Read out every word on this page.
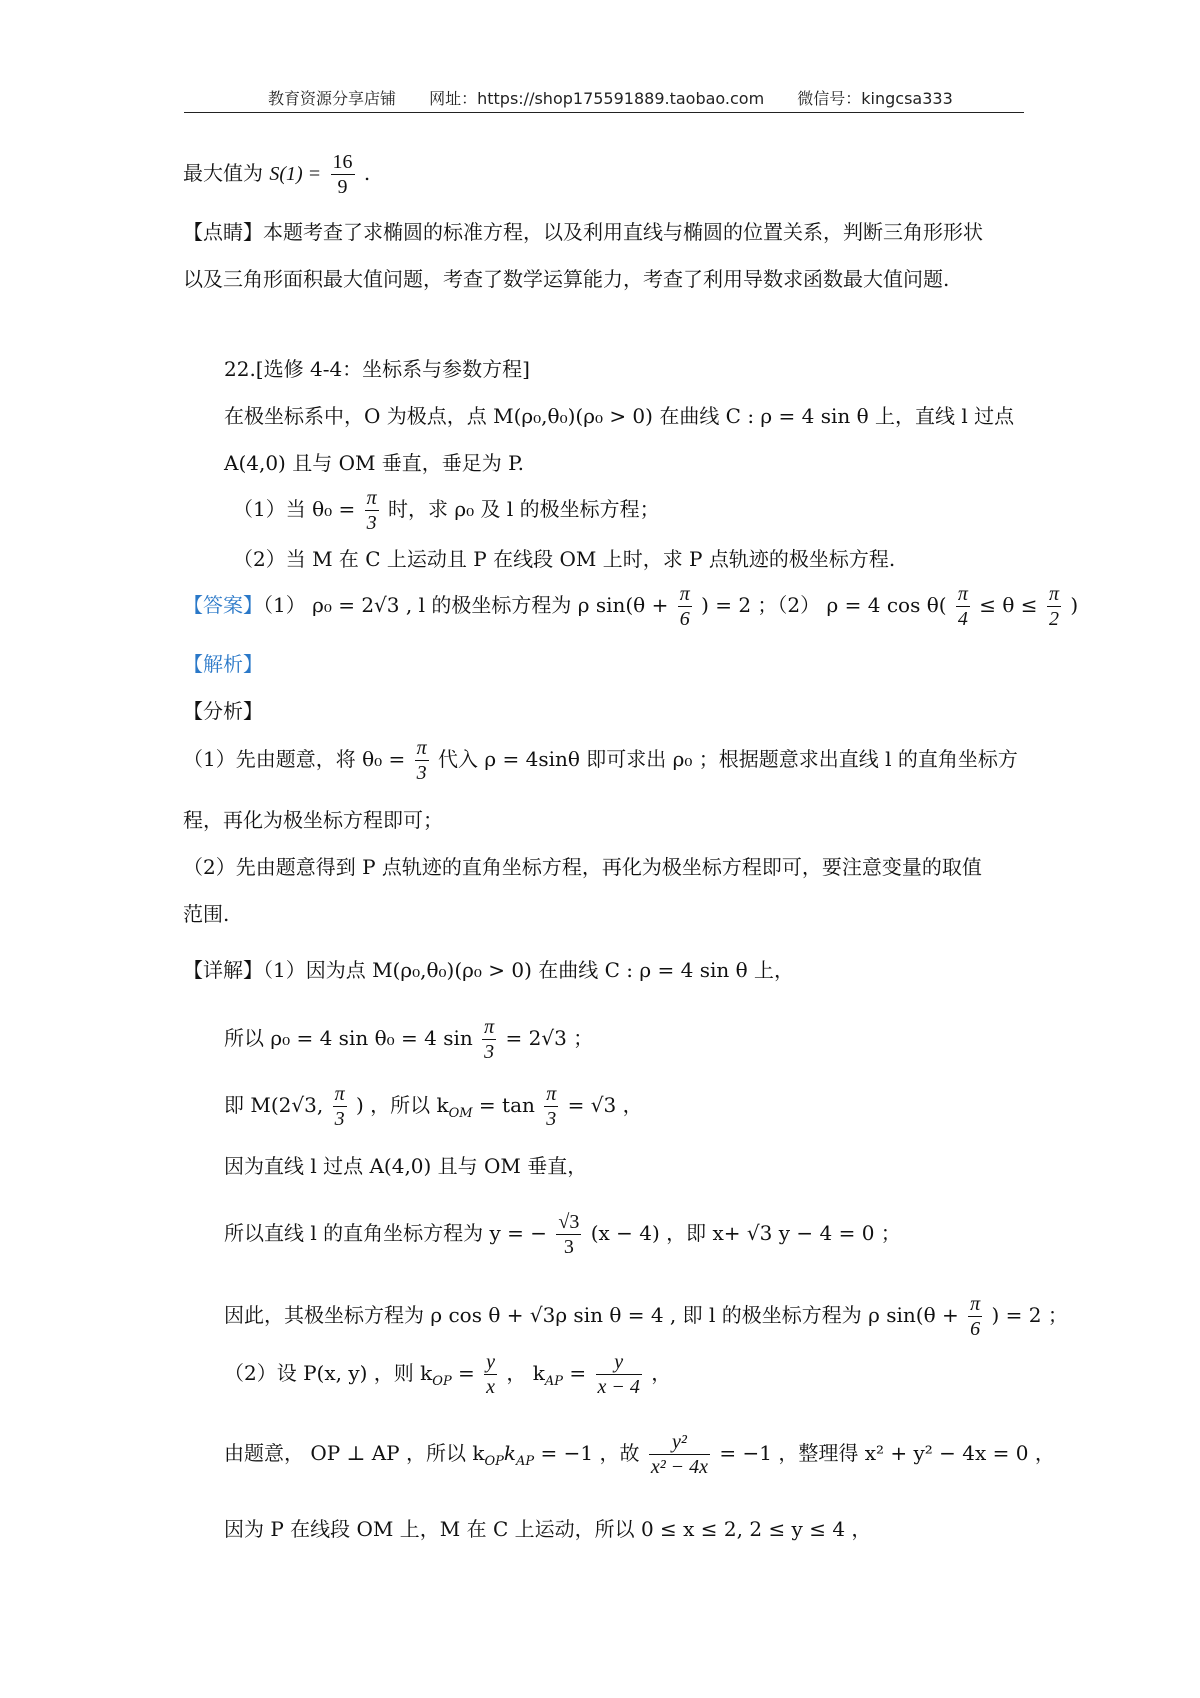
教育资源分享店铺 网址：https://shop175591889.taobao.com 微信号：kingcsa333
最大值为 $S(1) = \frac{16}{9}$ .
【点睛】本题考查了求椭圆的标准方程，以及利用直线与椭圆的位置关系，判断三角形形状
以及三角形面积最大值问题，考查了数学运算能力，考查了利用导数求函数最大值问题.
22.[选修 4-4：坐标系与参数方程]
在极坐标系中，O 为极点，点 M(ρ₀,θ₀)(ρ₀ > 0) 在曲线 C : ρ = 4 sin θ 上，直线 l 过点
A(4,0) 且与 OM 垂直，垂足为 P.
（1）当 $\theta_0 = \frac{\pi}{3}$ 时，求 ρ₀ 及 l 的极坐标方程；
（2）当 M 在 C 上运动且 P 在线段 OM 上时，求 P 点轨迹的极坐标方程.
【答案】（1） ρ₀ = 2√3 , l 的极坐标方程为 ρ $\sin(\theta + \frac{\pi}{6}$ ) = 2 ；（2） ρ = 4 $\cos \theta( \frac{\pi}{4} \le \theta \le \frac{\pi}{2}$ )
【解析】
【分析】
（1）先由题意，将 $\theta_0 = \frac{\pi}{3}$ 代入 ρ = 4sinθ 即可求出 ρ₀ ；根据题意求出直线 l 的直角坐标方
程，再化为极坐标方程即可；
（2）先由题意得到 P 点轨迹的直角坐标方程，再化为极坐标方程即可，要注意变量的取值
范围.
【详解】（1）因为点 M(ρ₀,θ₀)(ρ₀ > 0) 在曲线 C : ρ = 4 sin θ 上，
所以 ρ₀ = 4 sin θ₀ = 4 $\sin \frac{\pi}{3} = 2√3$ ；
即 M(2√3, $\frac{\pi}{3}$ ) ，所以 $k_{OM} = \tan \frac{\pi}{3} = √3$ ，
因为直线 l 过点 A(4,0) 且与 OM 垂直，
所以直线 l 的直角坐标方程为 y = − $\frac{√3}{3} (x - 4)$ ，即 x+ √3 y − 4 = 0 ；
因此，其极坐标方程为 ρ cos θ + √3ρ sin θ = 4 , 即 l 的极坐标方程为 ρ $\sin(\theta + \frac{\pi}{6}$ ) = 2 ；
（2）设 P(x, y) ，则 $k_{OP} = \frac{y}{x}$ ， $k_{AP} = \frac{y}{x - 4}$ ，
由题意， OP ⊥ AP ，所以 $k_{OP}k_{AP} = -1$ ，故 $\frac{\text{y²}}{\text{x² − 4x}} = -1$ ，整理得 x² + y² − 4x = 0 ，
因为 P 在线段 OM 上，M 在 C 上运动，所以 0 ≤ x ≤ 2, 2 ≤ y ≤ 4 ，
